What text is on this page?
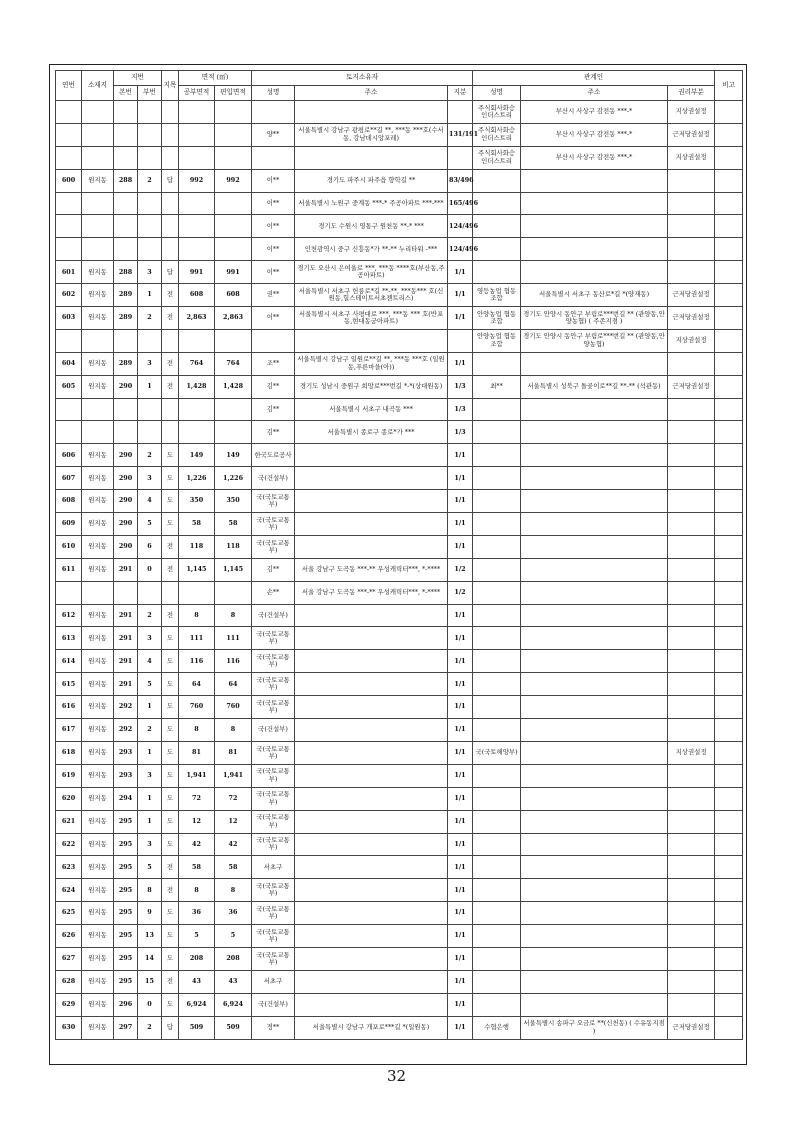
연번	소재지	지번		지목	면적 (㎡)		토지소유자			관계인			비고
		본번	부번		공부면적	편입면적	성명	주소	지분	성명	주소	권리부분	
										주식회사화승 인더스트리	부산시 사상구 감전동 ***-*	지상권설정	
							양**	서울특별시 강남구 광평로**길 **, ***동 ***호(수서동, 강남데시앙포레)	131/191	주식회사화승 인더스트리	부산시 사상구 감전동 ***-*	근저당권설정	
										주식회사화승 인더스트리	부산시 사상구 감전동 ***-*	지상권설정	
600	원지동	288	2	답	992	992	이**	경기도 파주시 파주읍 향학길 **	83/496				
							이**	서울특별시 노원구 중계동 ***-* 주공아파트 ***-***	165/496				
							이**	경기도 수원시 영통구 원천동 **-* ***	124/496				
							이**	인천광역시 중구 신흥동*가 **-** 누리타워 -***	124/496				
601	원지동	288	3	답	991	991	이**	경기도 오산시 은여울로 ***, ***동 ****호(부산동,주공아파트)	1/1				
602	원지동	289	1	전	608	608	권**	서울특별시 서초구 헌릉로*길 **-**, ***동*** 호(신원동,힐스테이트서초젠트리스)	1/1	영등농업 협동조합	서울특별시 서초구 동산로*길 *(양재동)	근저당권설정	
603	원지동	289	2	전	2,863	2,863	이**	서울특별시 서초구 사평대로 ***, ***동 *** 호(반포동,현대동궁아파트)	1/1	안양농업 협동조합	경기도 안양시 동안구 부림로***번길 ** (관양동,안양농협) ( 주존지점 )	근저당권설정	
										안양농업 협동조합	경기도 안양시 동안구 부림로***번길 ** (관양동,안양농협)	지상권설정	
604	원지동	289	3	전	764	764	조**	서울특별시 강남구 일원로**길 **, ***동 ***호 (일원동,푸른마을(아))	1/1				
605	원지동	290	1	전	1,428	1,428	김**	경기도 성남시 중원구 희망로***번길 *-*(상대원동)	1/3	최**	서울특별시 성북구 돌곶이로**길 **-** (석관동)	근저당권설정	
							김**	서울특별시 서초구 내곡동 ***	1/3				
							김**	서울특별시 종로구 종로*가 ***	1/3				
606	원지동	290	2	도	149	149	한국도로공사		1/1				
607	원지동	290	3	도	1,226	1,226	국(건설부)		1/1				
608	원지동	290	4	도	350	350	국(국토교통부)		1/1				
609	원지동	290	5	도	58	58	국(국토교통부)		1/1				
610	원지동	290	6	전	118	118	국(국토교통부)		1/1				
611	원지동	291	0	전	1,145	1,145	김**	서울 강남구 도곡동 ***-** 우성캐릭터***, *-****	1/2				
							손**	서울 강남구 도곡동 ***-** 우성캐릭터***, *-****	1/2				
612	원지동	291	2	전	8	8	국(건설부)		1/1				
613	원지동	291	3	도	111	111	국(국토교통부)		1/1				
614	원지동	291	4	도	116	116	국(국토교통부)		1/1				
615	원지동	291	5	도	64	64	국(국토교통부)		1/1				
616	원지동	292	1	도	760	760	국(국토교통부)		1/1				
617	원지동	292	2	도	8	8	국(건설부)		1/1				
618	원지동	293	1	도	81	81	국(국토교통부)		1/1	국(국토해양부)		지상권설정	
619	원지동	293	3	도	1,941	1,941	국(국토교통부)		1/1				
620	원지동	294	1	도	72	72	국(국토교통부)		1/1				
621	원지동	295	1	도	12	12	국(국토교통부)		1/1				
622	원지동	295	3	도	42	42	국(국토교통부)		1/1				
623	원지동	295	5	전	58	58	서초구		1/1				
624	원지동	295	8	전	8	8	국(국토교통부)		1/1				
625	원지동	295	9	도	36	36	국(국토교통부)		1/1				
626	원지동	295	13	도	5	5	국(국토교통부)		1/1				
627	원지동	295	14	도	208	208	국(국토교통부)		1/1				
628	원지동	295	15	전	43	43	서초구		1/1				
629	원지동	296	0	도	6,924	6,924	국(건설부)		1/1				
630	원지동	297	2	답	509	509	정**	서울특별시 강남구 개포로***길 *(일원동)	1/1	수협은행	서울특별시 송파구 오금로 **(신천동) ( 수유동지점 )	근저당권설정	
32
